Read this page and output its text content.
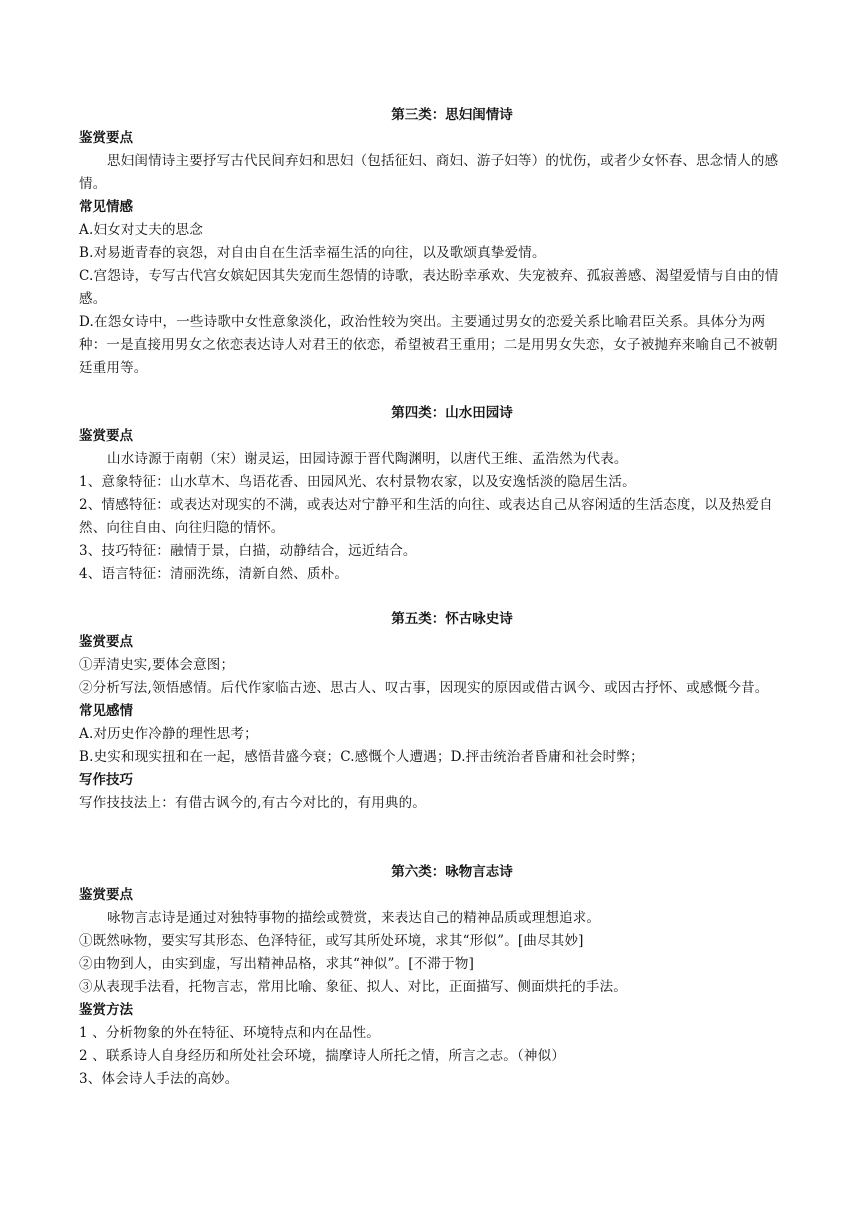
第三类：思妇闺情诗
鉴赏要点
思妇闺情诗主要抒写古代民间弃妇和思妇（包括征妇、商妇、游子妇等）的忧伤，或者少女怀春、思念情人的感情。
常见情感
A.妇女对丈夫的思念
B.对易逝青春的哀怨，对自由自在生活幸福生活的向往，以及歌颂真挚爱情。
C.宫怨诗，专写古代宫女嫔妃因其失宠而生怨情的诗歌，表达盼幸承欢、失宠被弃、孤寂善感、渴望爱情与自由的情感。
D.在怨女诗中，一些诗歌中女性意象淡化，政治性较为突出。主要通过男女的恋爱关系比喻君臣关系。具体分为两种：一是直接用男女之依恋表达诗人对君王的依恋，希望被君王重用；二是用男女失恋，女子被抛弃来喻自己不被朝廷重用等。
第四类：山水田园诗
鉴赏要点
山水诗源于南朝（宋）谢灵运，田园诗源于晋代陶渊明，以唐代王维、孟浩然为代表。
1、意象特征：山水草木、鸟语花香、田园风光、农村景物农家，以及安逸恬淡的隐居生活。
2、情感特征：或表达对现实的不满，或表达对宁静平和生活的向往、或表达自己从容闲适的生活态度，以及热爱自然、向往自由、向往归隐的情怀。
3、技巧特征：融情于景，白描，动静结合，远近结合。
4、语言特征：清丽洗练，清新自然、质朴。
第五类：怀古咏史诗
鉴赏要点
①弄清史实,要体会意图；
②分析写法,领悟感情。后代作家临古迹、思古人、叹古事，因现实的原因或借古讽今、或因古抒怀、或感慨今昔。
常见感情
A.对历史作冷静的理性思考；
B.史实和现实扭和在一起，感悟昔盛今衰；C.感慨个人遭遇；D.抨击统治者昏庸和社会时弊；
写作技巧
写作技技法上：有借古讽今的,有古今对比的，有用典的。
第六类：咏物言志诗
鉴赏要点
咏物言志诗是通过对独特事物的描绘或赞赏，来表达自己的精神品质或理想追求。
①既然咏物，要实写其形态、色泽特征，或写其所处环境，求其“形似”。[曲尽其妙]
②由物到人，由实到虚，写出精神品格，求其“神似”。[不滞于物]
③从表现手法看，托物言志，常用比喻、象征、拟人、对比，正面描写、侧面烘托的手法。
鉴赏方法
1 、分析物象的外在特征、环境特点和内在品性。
2 、联系诗人自身经历和所处社会环境，揣摩诗人所托之情，所言之志。（神似）
3、体会诗人手法的高妙。
